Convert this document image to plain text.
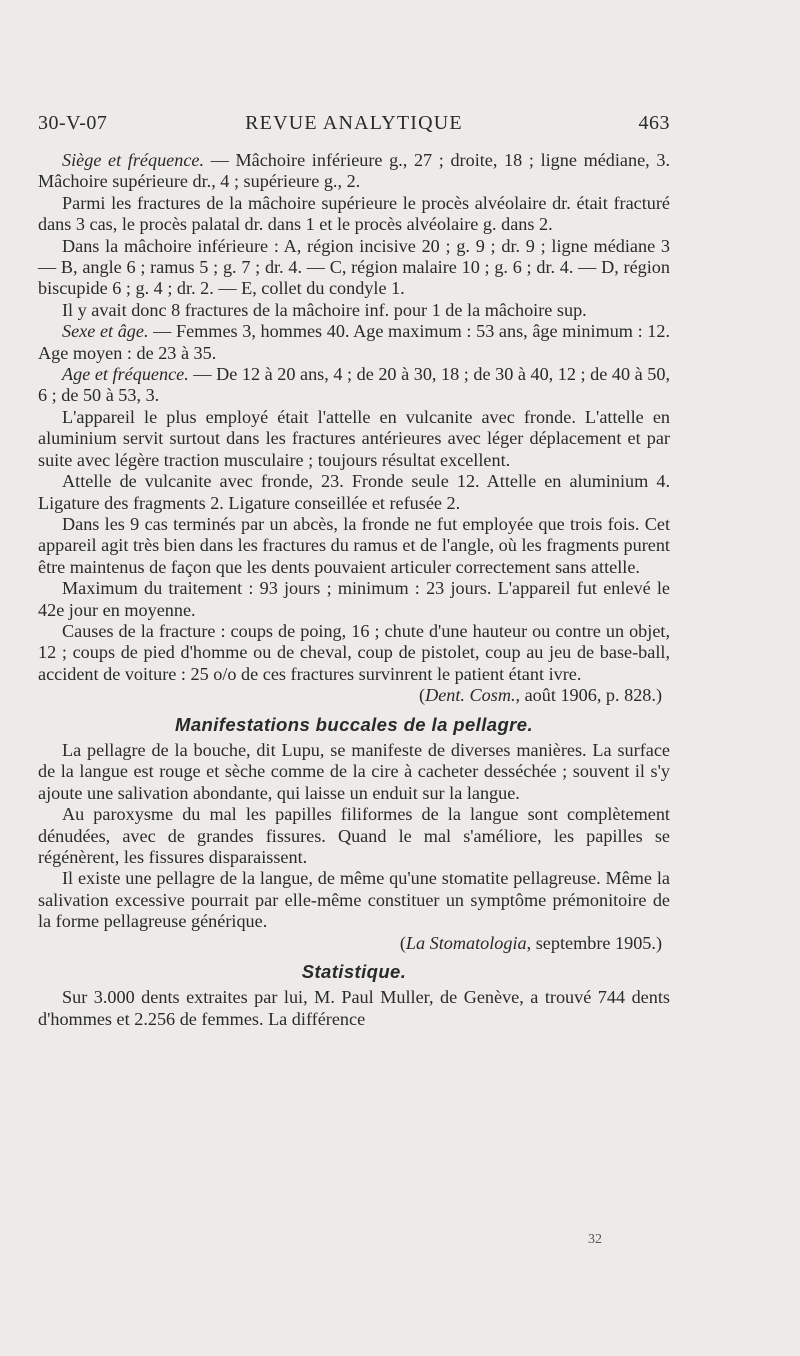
30-V-07	REVUE ANALYTIQUE	463

Siège et fréquence. — Mâchoire inférieure g., 27 ; droite, 18 ; ligne médiane, 3. Mâchoire supérieure dr., 4 ; supérieure g., 2.

Parmi les fractures de la mâchoire supérieure le procès alvéolaire dr. était fracturé dans 3 cas, le procès palatal dr. dans 1 et le procès alvéolaire g. dans 2.

Dans la mâchoire inférieure : A, région incisive 20 ; g. 9 ; dr. 9 ; ligne médiane 3 — B, angle 6 ; ramus 5 ; g. 7 ; dr. 4. — C, région malaire 10 ; g. 6 ; dr. 4. — D, région biscupide 6 ; g. 4 ; dr. 2. — E, collet du condyle 1.

Il y avait donc 8 fractures de la mâchoire inf. pour 1 de la mâchoire sup.

Sexe et âge. — Femmes 3, hommes 40. Age maximum : 53 ans, âge minimum : 12. Age moyen : de 23 à 35.

Age et fréquence. — De 12 à 20 ans, 4 ; de 20 à 30, 18 ; de 30 à 40, 12 ; de 40 à 50, 6 ; de 50 à 53, 3.

L'appareil le plus employé était l'attelle en vulcanite avec fronde. L'attelle en aluminium servit surtout dans les fractures antérieures avec léger déplacement et par suite avec légère traction musculaire ; toujours résultat excellent.

Attelle de vulcanite avec fronde, 23. Fronde seule 12. Attelle en aluminium 4. Ligature des fragments 2. Ligature conseillée et refusée 2.

Dans les 9 cas terminés par un abcès, la fronde ne fut employée que trois fois. Cet appareil agit très bien dans les fractures du ramus et de l'angle, où les fragments purent être maintenus de façon que les dents pouvaient articuler correctement sans attelle.

Maximum du traitement : 93 jours ; minimum : 23 jours. L'appareil fut enlevé le 42e jour en moyenne.

Causes de la fracture : coups de poing, 16 ; chute d'une hauteur ou contre un objet, 12 ; coups de pied d'homme ou de cheval, coup de pistolet, coup au jeu de base-ball, accident de voiture : 25 o/o de ces fractures survinrent le patient étant ivre.

(Dent. Cosm., août 1906, p. 828.)

Manifestations buccales de la pellagre.

La pellagre de la bouche, dit Lupu, se manifeste de diverses manières. La surface de la langue est rouge et sèche comme de la cire à cacheter desséchée ; souvent il s'y ajoute une salivation abondante, qui laisse un enduit sur la langue.

Au paroxysme du mal les papilles filiformes de la langue sont complètement dénudées, avec de grandes fissures. Quand le mal s'améliore, les papilles se régénèrent, les fissures disparaissent.

Il existe une pellagre de la langue, de même qu'une stomatite pellagreuse. Même la salivation excessive pourrait par elle-même constituer un symptôme prémonitoire de la forme pellagreuse générique.

(La Stomatologia, septembre 1905.)

Statistique.

Sur 3.000 dents extraites par lui, M. Paul Muller, de Genève, a trouvé 744 dents d'hommes et 2.256 de femmes. La différence

32
